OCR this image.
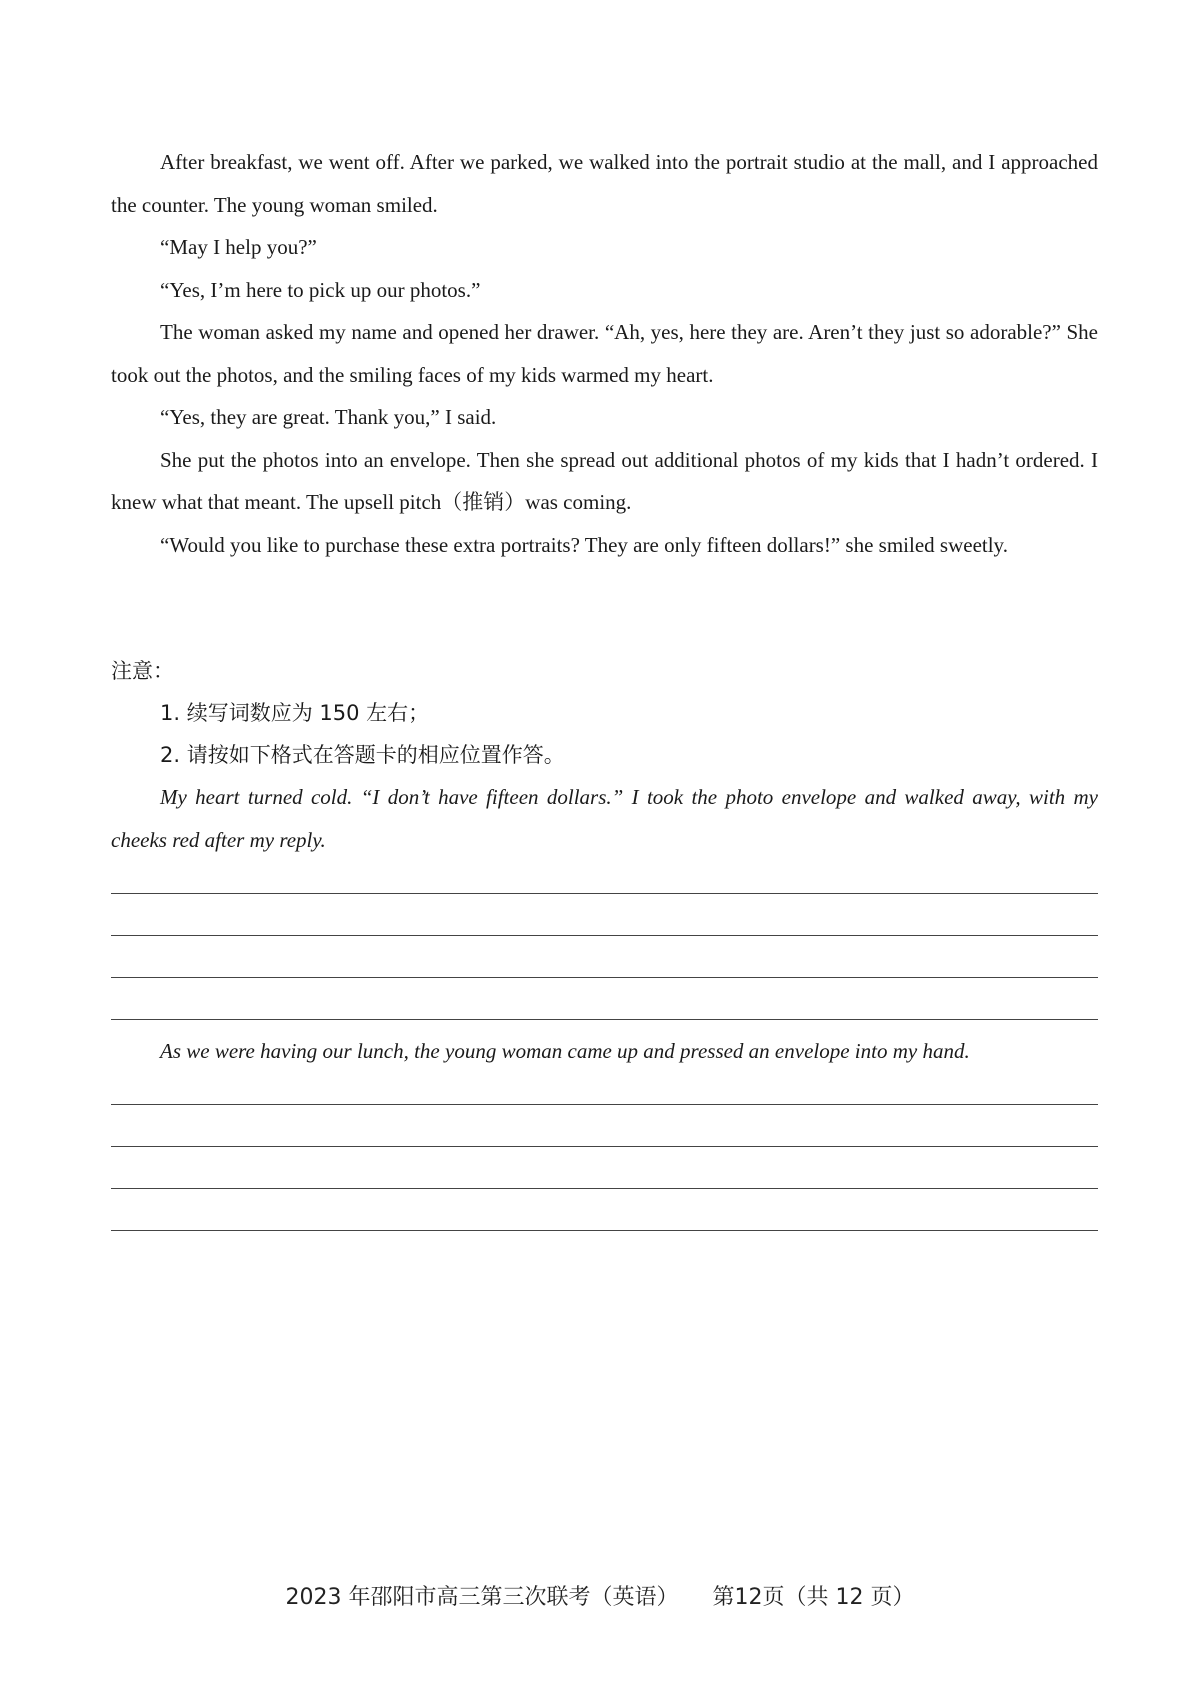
After breakfast, we went off. After we parked, we walked into the portrait studio at the mall, and I approached the counter. The young woman smiled.

“May I help you?”

“Yes, I’m here to pick up our photos.”

The woman asked my name and opened her drawer. “Ah, yes, here they are. Aren’t they just so adorable?” She took out the photos, and the smiling faces of my kids warmed my heart.

“Yes, they are great. Thank you,” I said.

She put the photos into an envelope. Then she spread out additional photos of my kids that I hadn’t ordered. I knew what that meant. The upsell pitch（推销）was coming.

“Would you like to purchase these extra portraits? They are only fifteen dollars!” she smiled sweetly.

注意：

1. 续写词数应为 150 左右；
2. 请按如下格式在答题卡的相应位置作答。

My heart turned cold. “I don’t have fifteen dollars.” I took the photo envelope and walked away, with my cheeks red after my reply.

As we were having our lunch, the young woman came up and pressed an envelope into my hand.

2023 年邵阳市高三第三次联考（英语） 第12页（共 12 页）
